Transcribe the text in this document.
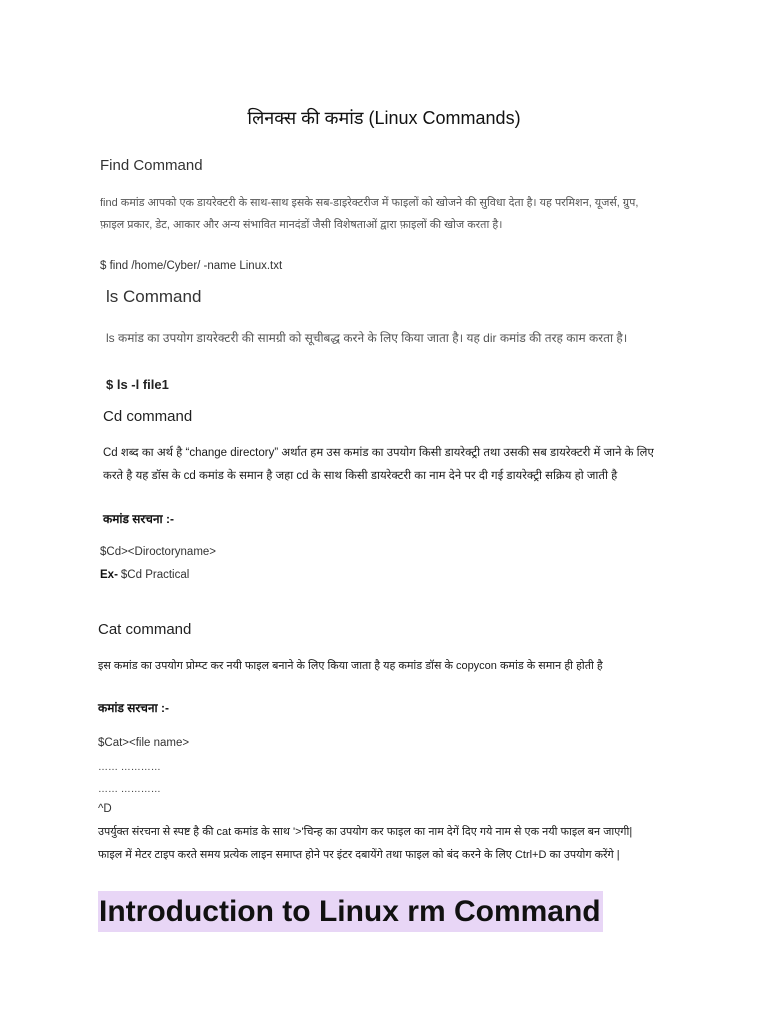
लिनक्स की कमांड (Linux Commands)
Find Command
find कमांड आपको एक डायरेक्टरी के साथ-साथ इसके सब-डाइरेक्टरीज में फाइलों को खोजने की सुविधा देता है। यह परमिशन, यूजर्स, ग्रुप,
फ़ाइल प्रकार, डेट, आकार और अन्य संभावित मानदंडों जैसी विशेषताओं द्वारा फ़ाइलों की खोज करता है।
$ find /home/Cyber/ -name Linux.txt
ls Command
ls कमांड का उपयोग डायरेक्टरी की सामग्री को सूचीबद्ध करने के लिए किया जाता है। यह dir कमांड की तरह काम करता है।
$ ls -l file1
Cd command
Cd शब्द का अर्थ है “change directory” अर्थात हम उस कमांड का उपयोग किसी डायरेक्ट्री तथा उसकी सब डायरेक्टरी में जाने के लिए
करते है यह डॉस के cd कमांड के समान है जहा cd के साथ किसी डायरेक्टरी का नाम देने पर दी गई डायरेक्ट्री सक्रिय हो जाती है
कमांड सरचना :-
$Cd><Diroctoryname>
Ex- $Cd Practical
Cat command
इस कमांड का उपयोग प्रोम्प्ट कर नयी फाइल बनाने के लिए किया जाता है यह कमांड डॉस के copycon कमांड के समान ही होती है
कमांड सरचना :-
$Cat><file name>
…… …………
…… …………
^D
उपर्युक्त संरचना से स्पष्ट है की cat कमांड के साथ '>'चिन्ह का उपयोग कर फाइल का नाम देगें दिए गये नाम से एक नयी फाइल बन जाएगी|
फाइल में मेटर टाइप करते समय प्रत्येक लाइन समाप्त होने पर इंटर दबायेंगे तथा फाइल को बंद करने के लिए Ctrl+D का उपयोग करेंगे |
Introduction to Linux rm Command
